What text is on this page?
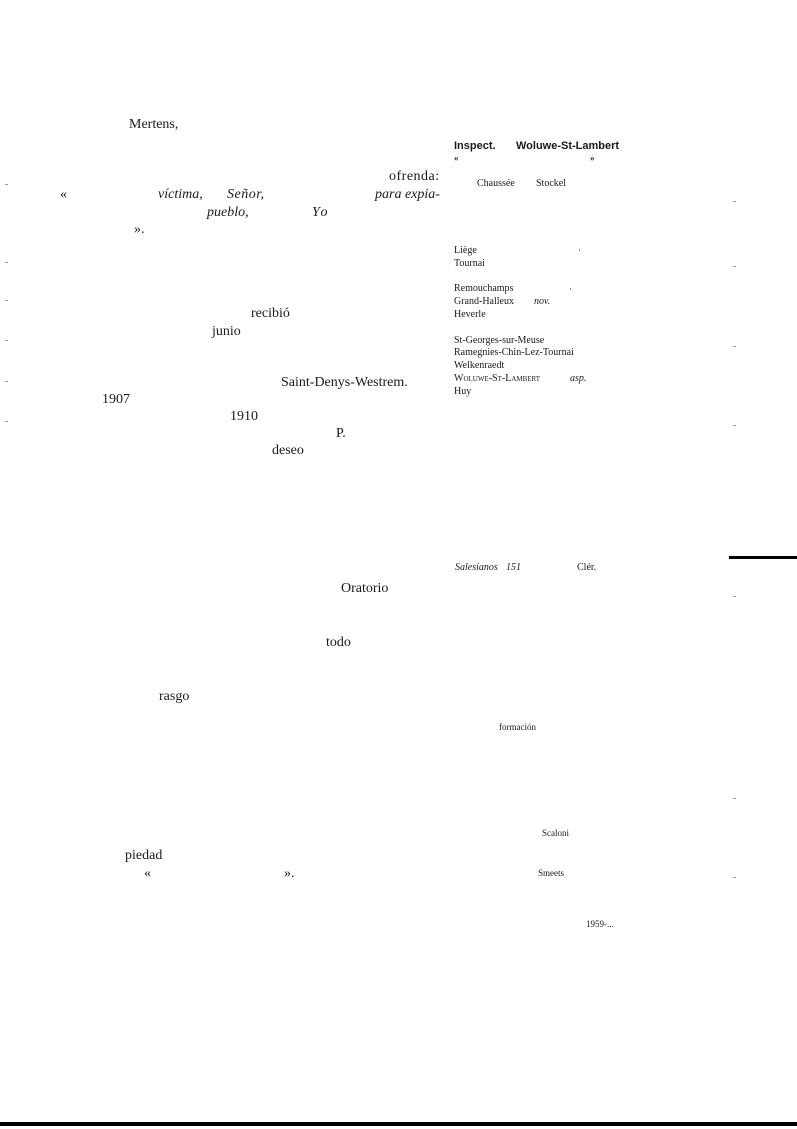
Mertens,
ofrenda:
«	víctima, Señor,	para expia-
pueblo,	Yo
».
recibió
junio
Saint-Denys-Westrem.
1907
1910
P.
deseo
Oratorio
todo
rasgo
piedad
«	».
Inspect. Woluwe-St-Lambert
«	»
Chaussée Stockel
Liège
Tournai
Remouchamps
Grand-Halleux nov.
Heverle
St-Georges-sur-Meuse
Ramegnies-Chin-Lez-Tournai
Welkenraedt
Woluwe-St-Lambert	asp.
Huy
Salesianos 151	Clér.
formación
Scaloni
Smeets
1959-...
